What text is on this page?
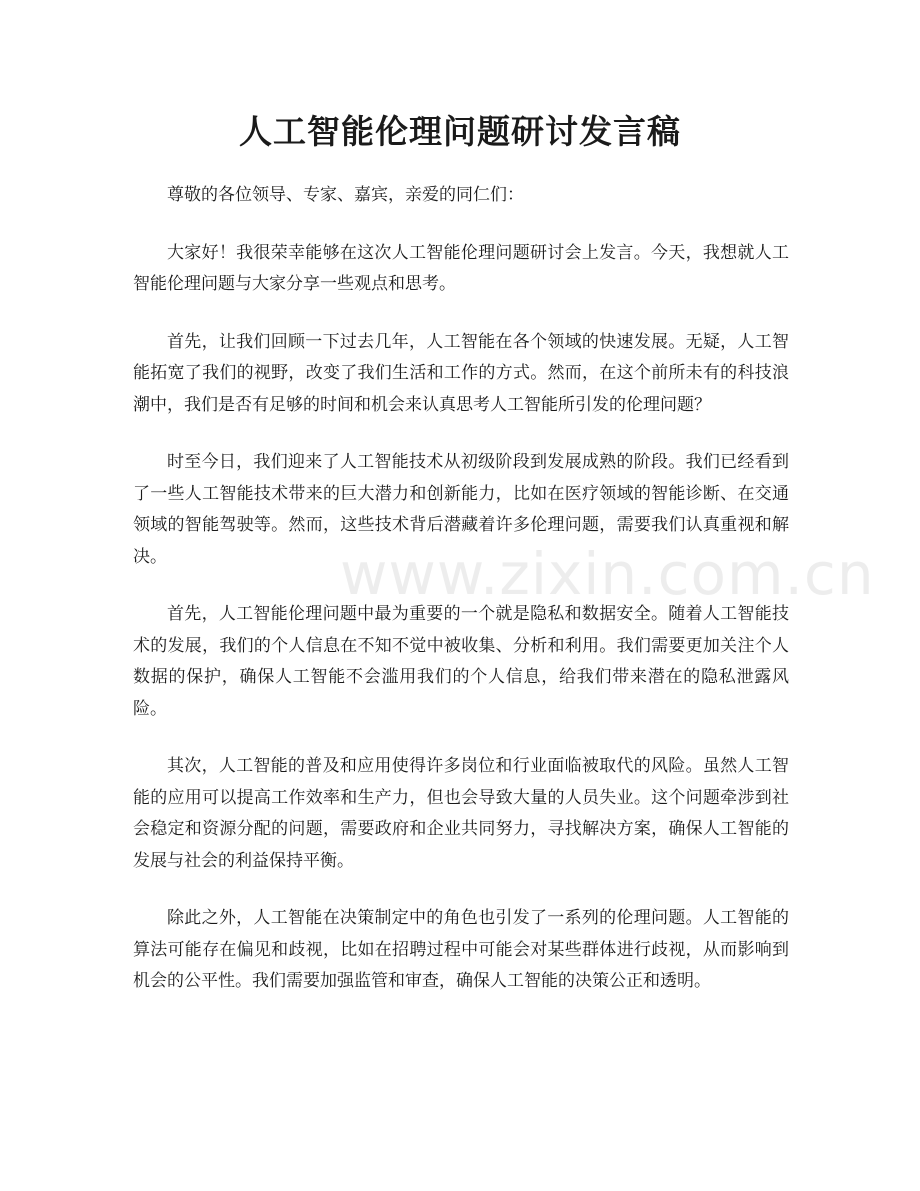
人工智能伦理问题研讨发言稿

尊敬的各位领导、专家、嘉宾，亲爱的同仁们：

大家好！我很荣幸能够在这次人工智能伦理问题研讨会上发言。今天，我想就人工智能伦理问题与大家分享一些观点和思考。

首先，让我们回顾一下过去几年，人工智能在各个领域的快速发展。无疑，人工智能拓宽了我们的视野，改变了我们生活和工作的方式。然而，在这个前所未有的科技浪潮中，我们是否有足够的时间和机会来认真思考人工智能所引发的伦理问题？

时至今日，我们迎来了人工智能技术从初级阶段到发展成熟的阶段。我们已经看到了一些人工智能技术带来的巨大潜力和创新能力，比如在医疗领域的智能诊断、在交通领域的智能驾驶等。然而，这些技术背后潜藏着许多伦理问题，需要我们认真重视和解决。

首先，人工智能伦理问题中最为重要的一个就是隐私和数据安全。随着人工智能技术的发展，我们的个人信息在不知不觉中被收集、分析和利用。我们需要更加关注个人数据的保护，确保人工智能不会滥用我们的个人信息，给我们带来潜在的隐私泄露风险。

其次，人工智能的普及和应用使得许多岗位和行业面临被取代的风险。虽然人工智能的应用可以提高工作效率和生产力，但也会导致大量的人员失业。这个问题牵涉到社会稳定和资源分配的问题，需要政府和企业共同努力，寻找解决方案，确保人工智能的发展与社会的利益保持平衡。

除此之外，人工智能在决策制定中的角色也引发了一系列的伦理问题。人工智能的算法可能存在偏见和歧视，比如在招聘过程中可能会对某些群体进行歧视，从而影响到机会的公平性。我们需要加强监管和审查，确保人工智能的决策公正和透明。

www.zixin.com.cn
